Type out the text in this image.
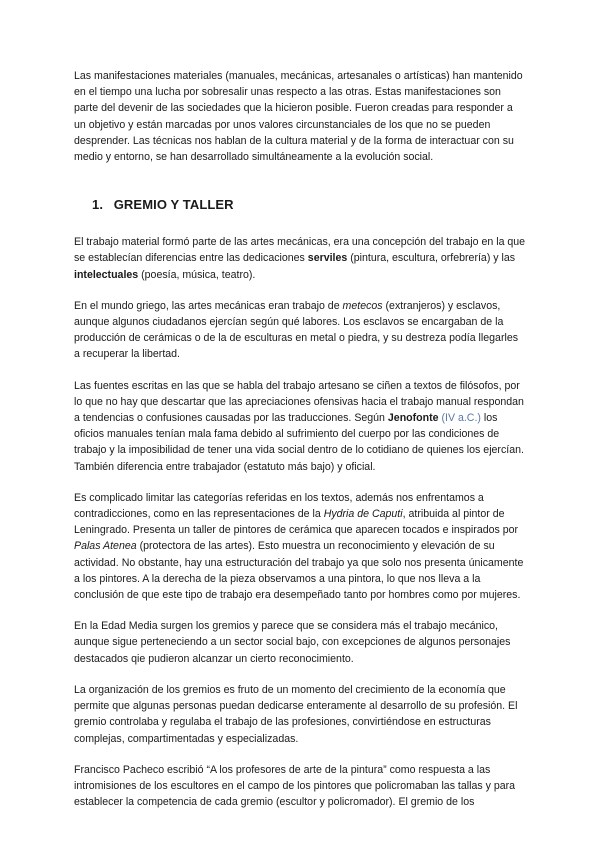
Las manifestaciones materiales (manuales, mecánicas, artesanales o artísticas) han mantenido en el tiempo una lucha por sobresalir unas respecto a las otras. Estas manifestaciones son parte del devenir de las sociedades que la hicieron posible. Fueron creadas para responder a un objetivo y están marcadas por unos valores circunstanciales de los que no se pueden desprender. Las técnicas nos hablan de la cultura material y de la forma de interactuar con su medio y entorno, se han desarrollado simultáneamente a la evolución social.

1. GREMIO Y TALLER

El trabajo material formó parte de las artes mecánicas, era una concepción del trabajo en la que se establecían diferencias entre las dedicaciones serviles (pintura, escultura, orfebrería) y las intelectuales (poesía, música, teatro).

En el mundo griego, las artes mecánicas eran trabajo de metecos (extranjeros) y esclavos, aunque algunos ciudadanos ejercían según qué labores. Los esclavos se encargaban de la producción de cerámicas o de la de esculturas en metal o piedra, y su destreza podía llegarles a recuperar la libertad.

Las fuentes escritas en las que se habla del trabajo artesano se ciñen a textos de filósofos, por lo que no hay que descartar que las apreciaciones ofensivas hacia el trabajo manual respondan a tendencias o confusiones causadas por las traducciones. Según Jenofonte (IV a.C.) los oficios manuales tenían mala fama debido al sufrimiento del cuerpo por las condiciones de trabajo y la imposibilidad de tener una vida social dentro de lo cotidiano de quienes los ejercían. También diferencia entre trabajador (estatuto más bajo) y oficial.

Es complicado limitar las categorías referidas en los textos, además nos enfrentamos a contradicciones, como en las representaciones de la Hydria de Caputi, atribuida al pintor de Leningrado. Presenta un taller de pintores de cerámica que aparecen tocados e inspirados por Palas Atenea (protectora de las artes). Esto muestra un reconocimiento y elevación de su actividad. No obstante, hay una estructuración del trabajo ya que solo nos presenta únicamente a los pintores. A la derecha de la pieza observamos a una pintora, lo que nos lleva a la conclusión de que este tipo de trabajo era desempeñado tanto por hombres como por mujeres.

En la Edad Media surgen los gremios y parece que se considera más el trabajo mecánico, aunque sigue perteneciendo a un sector social bajo, con excepciones de algunos personajes destacados qie pudieron alcanzar un cierto reconocimiento.

La organización de los gremios es fruto de un momento del crecimiento de la economía que permite que algunas personas puedan dedicarse enteramente al desarrollo de su profesión. El gremio controlaba y regulaba el trabajo de las profesiones, convirtiéndose en estructuras complejas, compartimentadas y especializadas.

Francisco Pacheco escribió “A los profesores de arte de la pintura” como respuesta a las intromisiones de los escultores en el campo de los pintores que policromaban las tallas y para establecer la competencia de cada gremio (escultor y policromador). El gremio de los
